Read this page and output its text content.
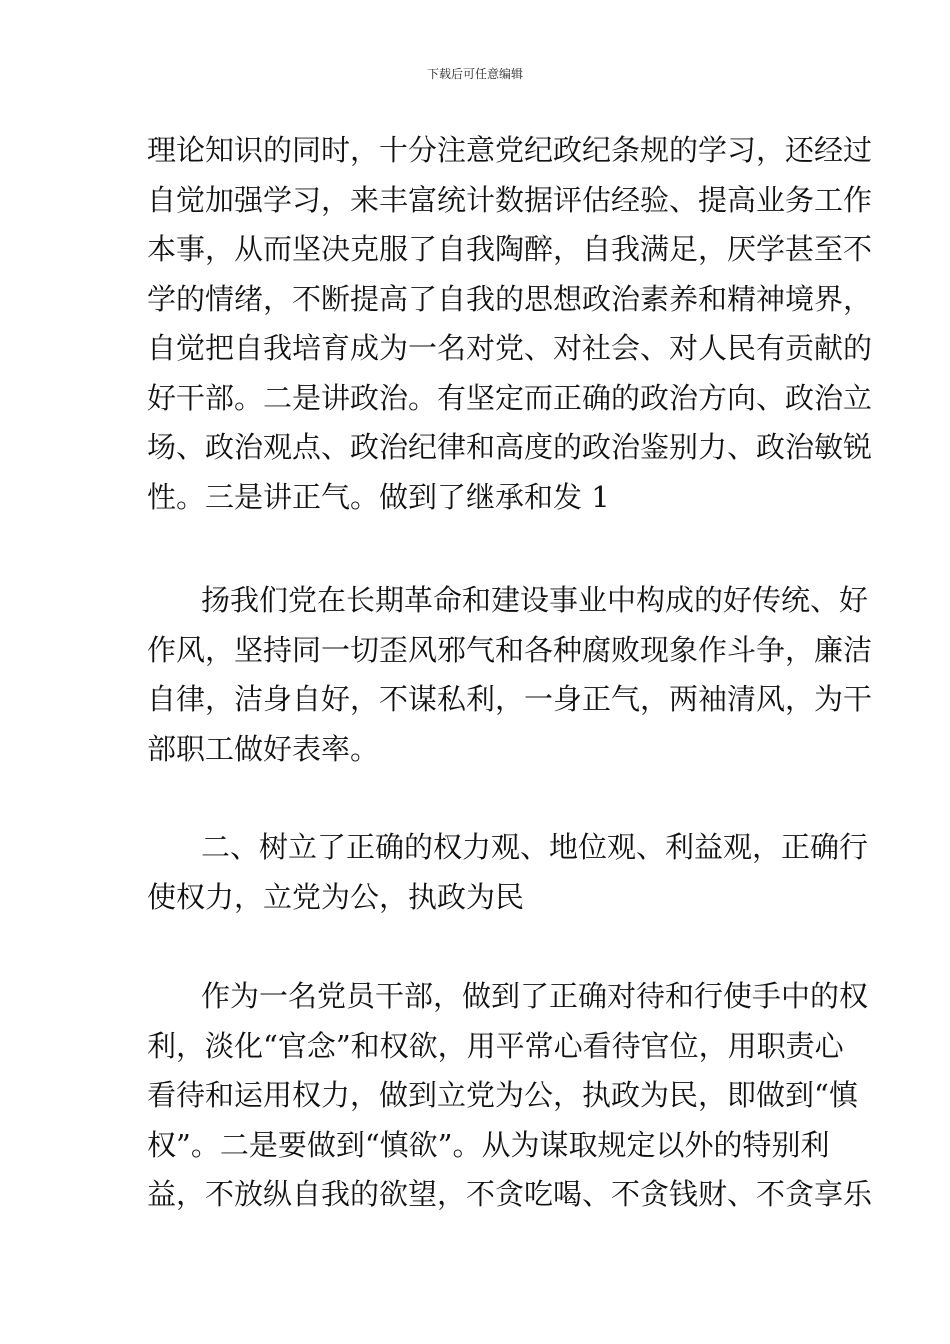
下载后可任意编辑
理论知识的同时，十分注意党纪政纪条规的学习，还经过
自觉加强学习，来丰富统计数据评估经验、提高业务工作
本事，从而坚决克服了自我陶醉，自我满足，厌学甚至不
学的情绪，不断提高了自我的思想政治素养和精神境界，
自觉把自我培育成为一名对党、对社会、对人民有贡献的
好干部。二是讲政治。有坚定而正确的政治方向、政治立
场、政治观点、政治纪律和高度的政治鉴别力、政治敏锐
性。三是讲正气。做到了继承和发 1
扬我们党在长期革命和建设事业中构成的好传统、好
作风，坚持同一切歪风邪气和各种腐败现象作斗争，廉洁
自律，洁身自好，不谋私利，一身正气，两袖清风，为干
部职工做好表率。
二、树立了正确的权力观、地位观、利益观，正确行
使权力，立党为公，执政为民
作为一名党员干部，做到了正确对待和行使手中的权
利，淡化“官念”和权欲，用平常心看待官位，用职责心
看待和运用权力，做到立党为公，执政为民，即做到“慎
权”。二是要做到“慎欲”。从为谋取规定以外的特别利
益，不放纵自我的欲望，不贪吃喝、不贪钱财、不贪享乐
